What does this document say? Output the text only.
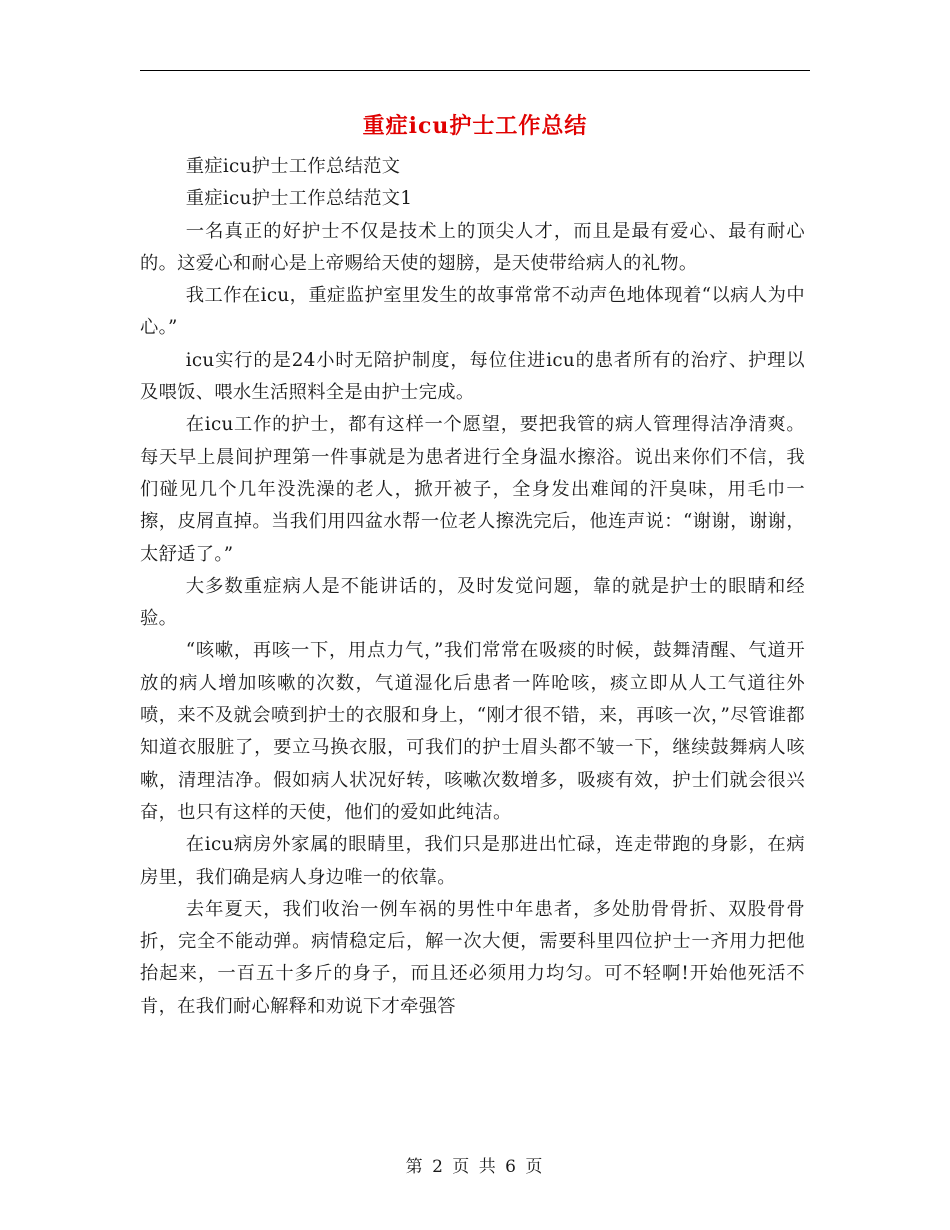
重症icu护士工作总结

重症icu护士工作总结范文

重症icu护士工作总结范文1

一名真正的好护士不仅是技术上的顶尖人才，而且是最有爱心、最有耐心的。这爱心和耐心是上帝赐给天使的翅膀，是天使带给病人的礼物。

我工作在icu，重症监护室里发生的故事常常不动声色地体现着“以病人为中心。”

icu实行的是24小时无陪护制度，每位住进icu的患者所有的治疗、护理以及喂饭、喂水生活照料全是由护士完成。

在icu工作的护士，都有这样一个愿望，要把我管的病人管理得洁净清爽。每天早上晨间护理第一件事就是为患者进行全身温水擦浴。说出来你们不信，我们碰见几个几年没洗澡的老人，掀开被子，全身发出难闻的汗臭味，用毛巾一擦，皮屑直掉。当我们用四盆水帮一位老人擦洗完后，他连声说：“谢谢，谢谢，太舒适了。”

大多数重症病人是不能讲话的，及时发觉问题，靠的就是护士的眼睛和经验。

“咳嗽，再咳一下，用点力气，”我们常常在吸痰的时候，鼓舞清醒、气道开放的病人增加咳嗽的次数，气道湿化后患者一阵呛咳，痰立即从人工气道往外喷，来不及就会喷到护士的衣服和身上，“刚才很不错，来，再咳一次，”尽管谁都知道衣服脏了，要立马换衣服，可我们的护士眉头都不皱一下，继续鼓舞病人咳嗽，清理洁净。假如病人状况好转，咳嗽次数增多，吸痰有效，护士们就会很兴奋，也只有这样的天使，他们的爱如此纯洁。

在icu病房外家属的眼睛里，我们只是那进出忙碌，连走带跑的身影，在病房里，我们确是病人身边唯一的依靠。

去年夏天，我们收治一例车祸的男性中年患者，多处肋骨骨折、双股骨骨折，完全不能动弹。病情稳定后，解一次大便，需要科里四位护士一齐用力把他抬起来，一百五十多斤的身子，而且还必须用力均匀。可不轻啊!开始他死活不肯，在我们耐心解释和劝说下才牵强答

第 2 页 共 6 页
